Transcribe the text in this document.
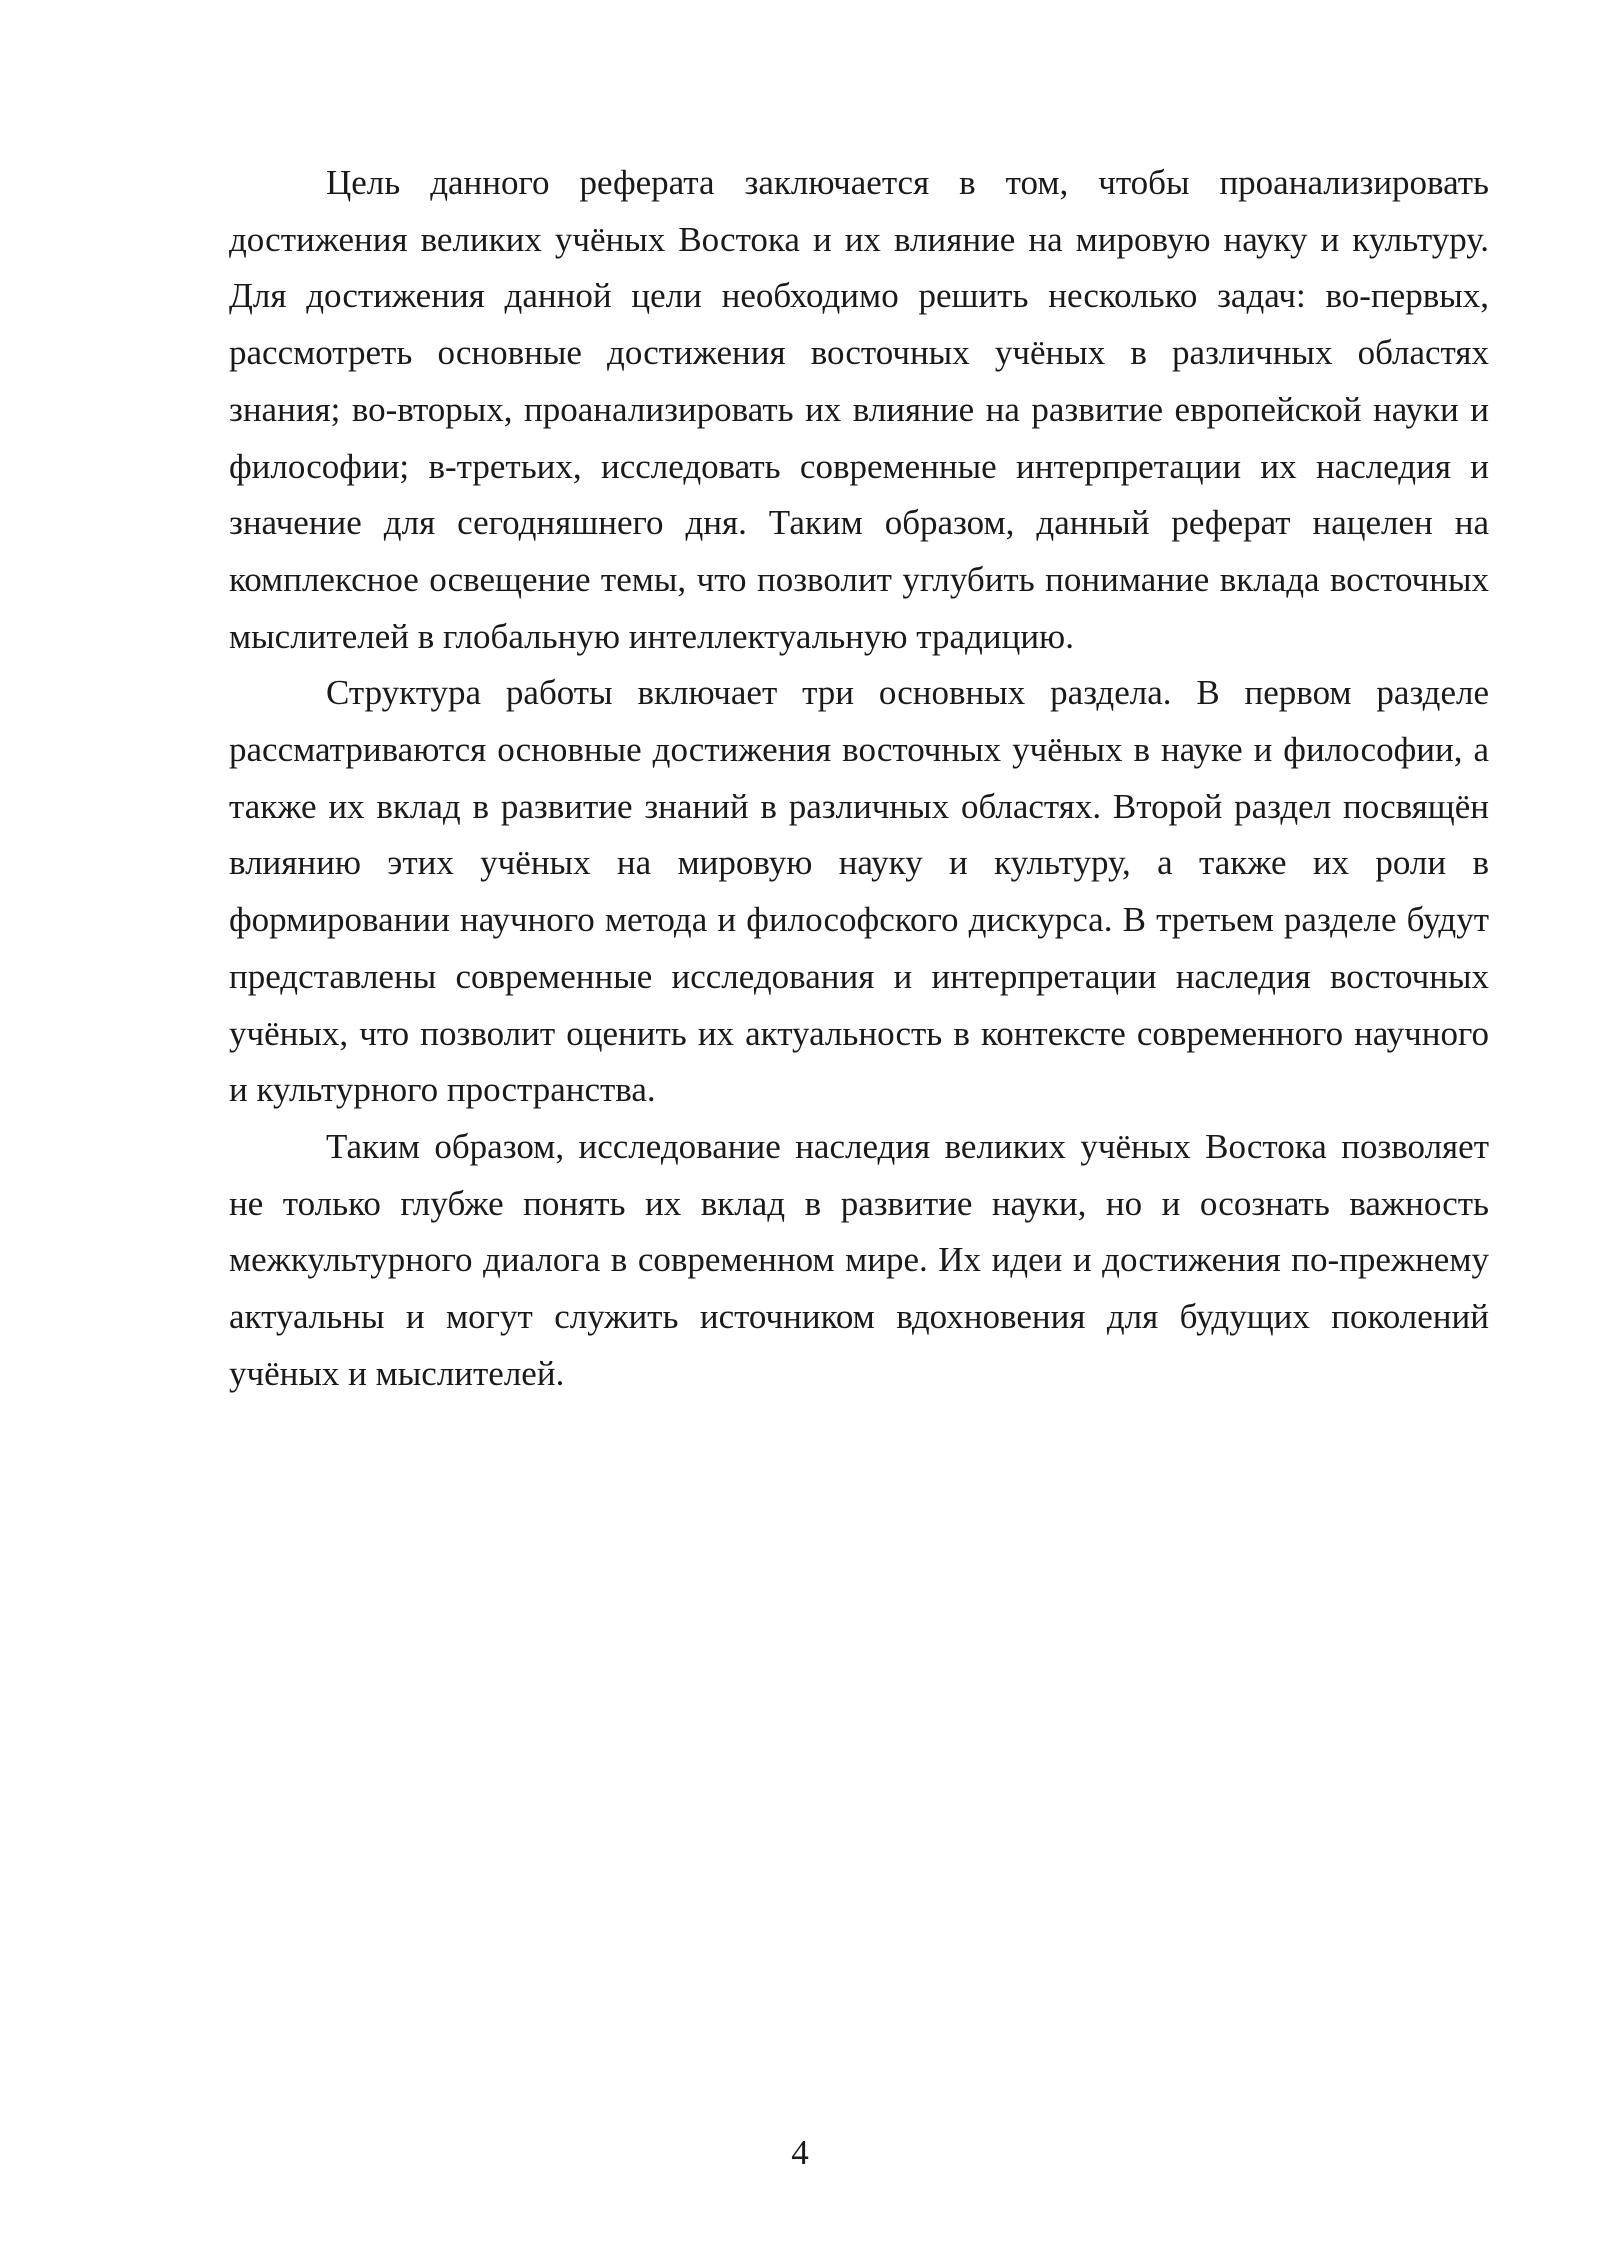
Цель данного реферата заключается в том, чтобы проанализировать достижения великих учёных Востока и их влияние на мировую науку и культуру. Для достижения данной цели необходимо решить несколько задач: во-первых, рассмотреть основные достижения восточных учёных в различных областях знания; во-вторых, проанализировать их влияние на развитие европейской науки и философии; в-третьих, исследовать современные интерпретации их наследия и значение для сегодняшнего дня. Таким образом, данный реферат нацелен на комплексное освещение темы, что позволит углубить понимание вклада восточных мыслителей в глобальную интеллектуальную традицию.

Структура работы включает три основных раздела. В первом разделе рассматриваются основные достижения восточных учёных в науке и философии, а также их вклад в развитие знаний в различных областях. Второй раздел посвящён влиянию этих учёных на мировую науку и культуру, а также их роли в формировании научного метода и философского дискурса. В третьем разделе будут представлены современные исследования и интерпретации наследия восточных учёных, что позволит оценить их актуальность в контексте современного научного и культурного пространства.

Таким образом, исследование наследия великих учёных Востока позволяет не только глубже понять их вклад в развитие науки, но и осознать важность межкультурного диалога в современном мире. Их идеи и достижения по-прежнему актуальны и могут служить источником вдохновения для будущих поколений учёных и мыслителей.

4
